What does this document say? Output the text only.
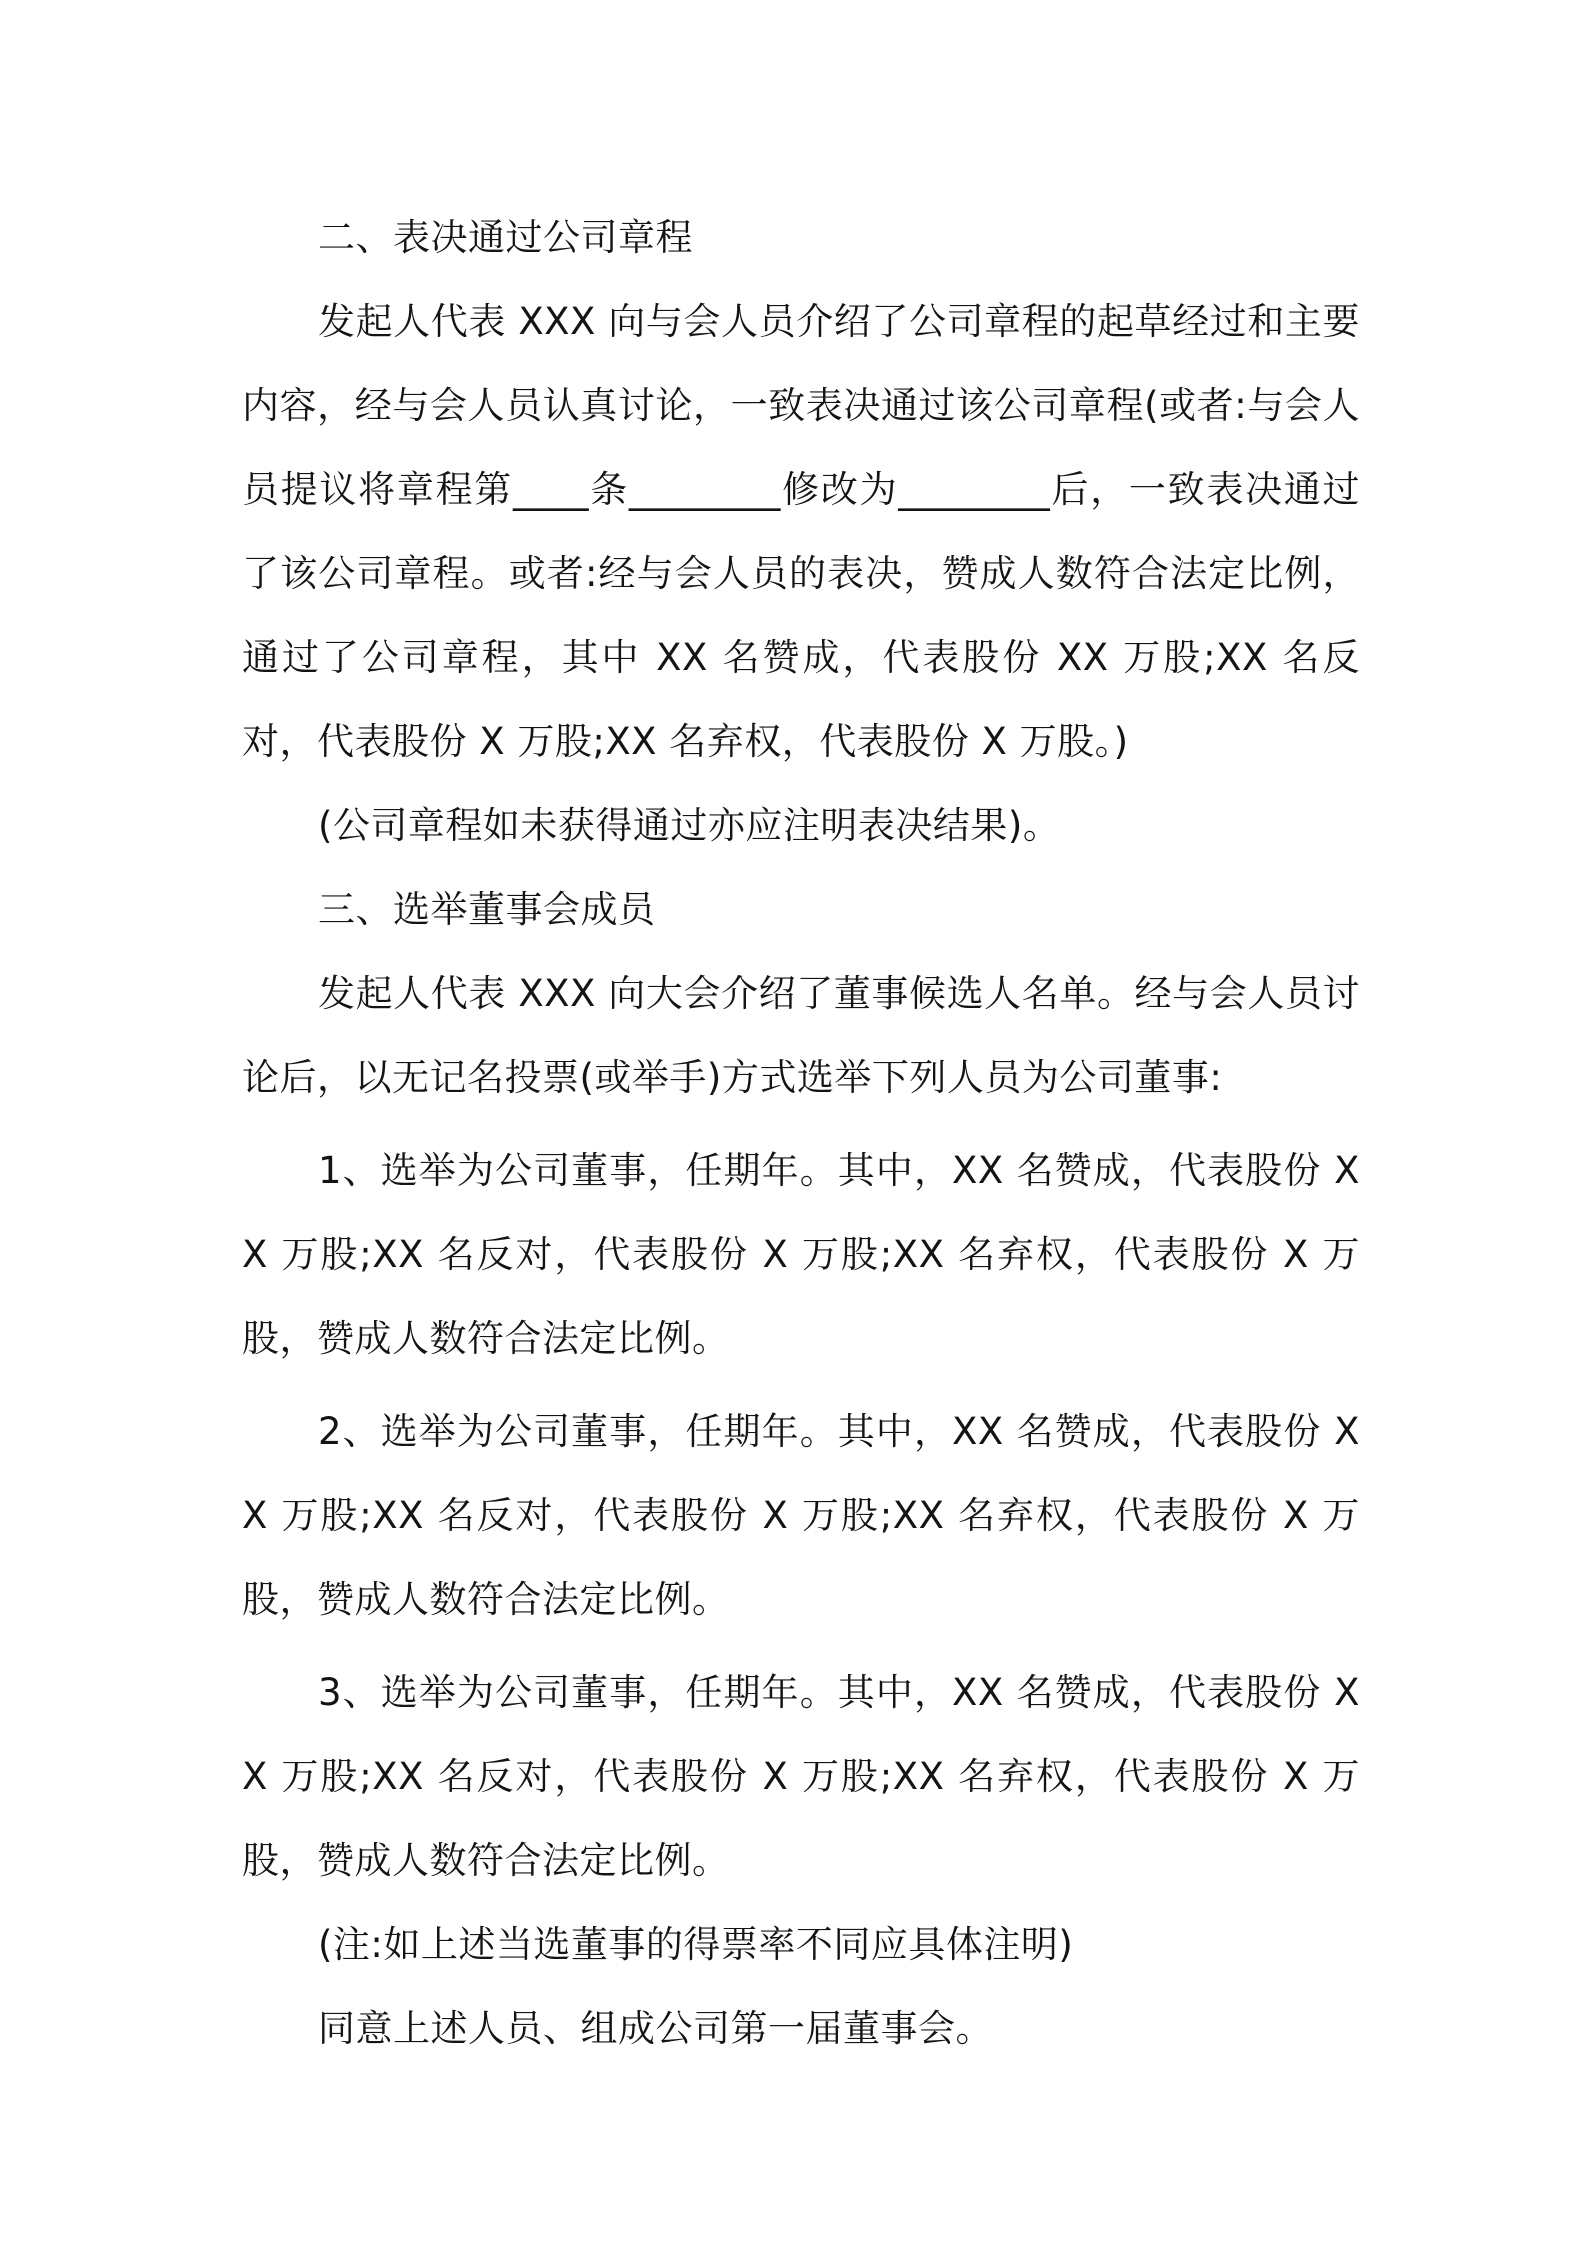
二、表决通过公司章程

发起人代表 XXX 向与会人员介绍了公司章程的起草经过和主要内容，经与会人员认真讨论，一致表决通过该公司章程(或者:与会人员提议将章程第____条________修改为________后，一致表决通过了该公司章程。或者:经与会人员的表决，赞成人数符合法定比例，通过了公司章程，其中 XX 名赞成，代表股份 XX 万股;XX 名反对，代表股份 X 万股;XX 名弃权，代表股份 X 万股。)

(公司章程如未获得通过亦应注明表决结果)。

三、选举董事会成员

发起人代表 XXX 向大会介绍了董事候选人名单。经与会人员讨论后，以无记名投票(或举手)方式选举下列人员为公司董事:

1、选举为公司董事，任期年。其中，XX 名赞成，代表股份 XX 万股;XX 名反对，代表股份 X 万股;XX 名弃权，代表股份 X 万股，赞成人数符合法定比例。

2、选举为公司董事，任期年。其中，XX 名赞成，代表股份 XX 万股;XX 名反对，代表股份 X 万股;XX 名弃权，代表股份 X 万股，赞成人数符合法定比例。

3、选举为公司董事，任期年。其中，XX 名赞成，代表股份 XX 万股;XX 名反对，代表股份 X 万股;XX 名弃权，代表股份 X 万股，赞成人数符合法定比例。

(注:如上述当选董事的得票率不同应具体注明)

同意上述人员、组成公司第一届董事会。
